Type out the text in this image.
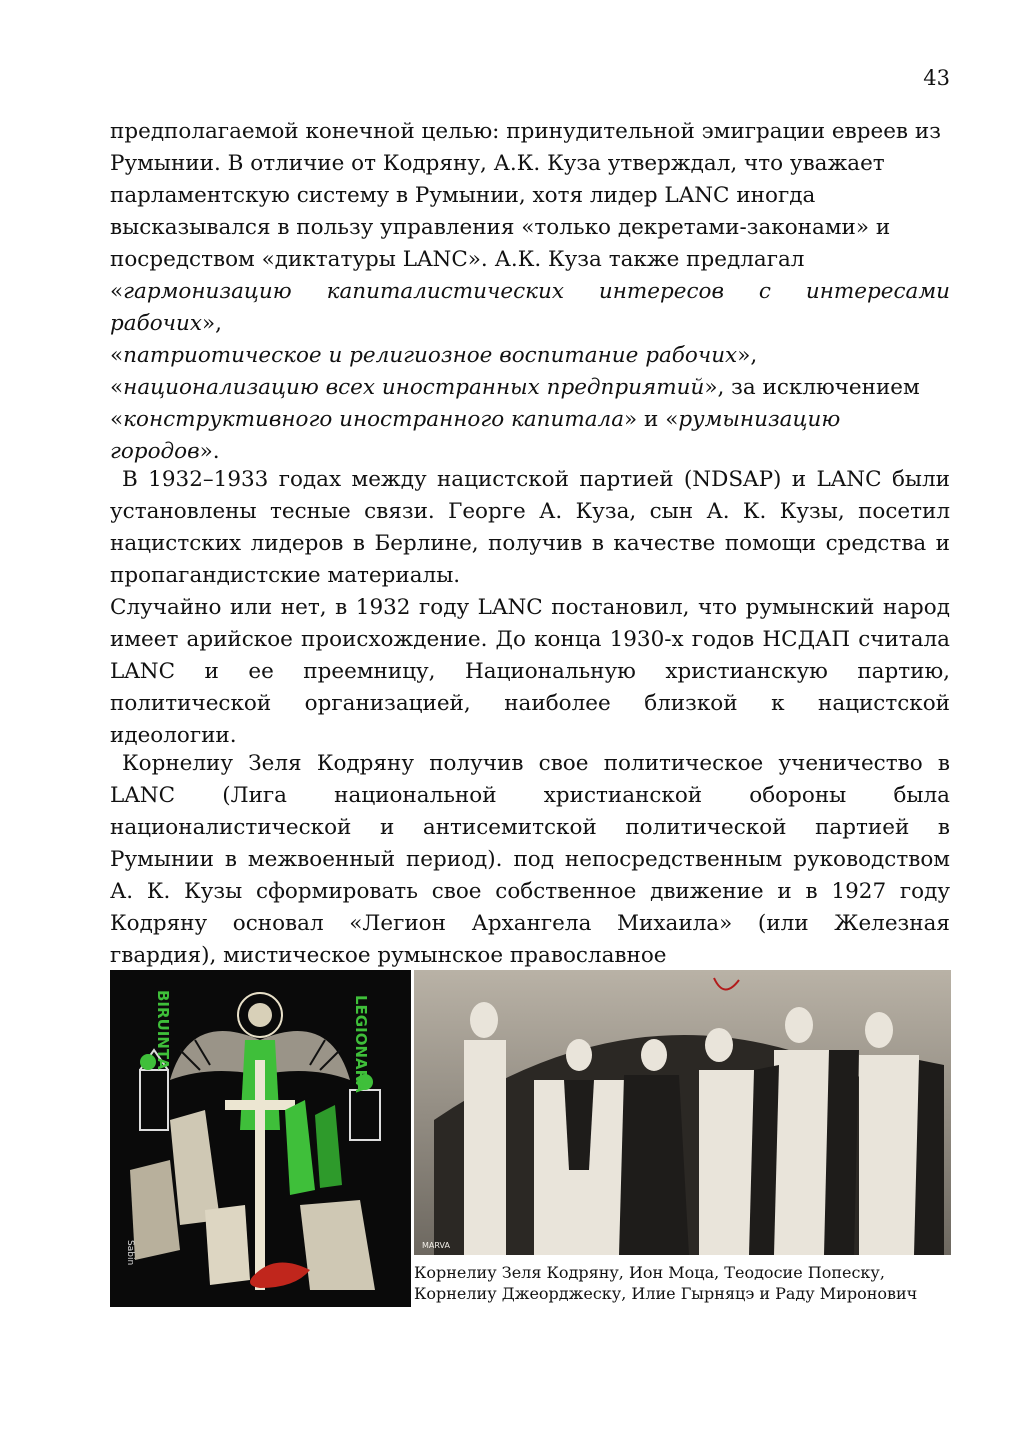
43
предполагаемой конечной целью: принудительной эмиграции евреев из
Румынии. В отличие от Кодряну, А.К. Куза утверждал, что уважает
парламентскую систему в Румынии, хотя лидер LANC иногда
высказывался в пользу управления «только декретами-законами» и
посредством «диктатуры LANC». А.К. Куза также предлагал
«гармонизацию капиталистических интересов с интересами рабочих»,
«патриотическое и религиозное воспитание рабочих»,
«национализацию всех иностранных предприятий», за исключением
«конструктивного иностранного капитала» и «румынизацию
городов».

В 1932–1933 годах между нацистской партией (NDSAP) и LANC были установлены тесные связи. Георге А. Куза, сын А. К. Кузы, посетил нацистских лидеров в Берлине, получив в качестве помощи средства и пропагандистские материалы.

Случайно или нет, в 1932 году LANC постановил, что румынский народ имеет арийское происхождение. До конца 1930-х годов НСДАП считала LANC и ее преемницу, Национальную христианскую партию, политической организацией, наиболее близкой к нацистской идеологии.

Корнелиу Зеля Кодряну получив свое политическое ученичество в LANC (Лига национальной христианской обороны была националистической и антисемитской политической партией в Румынии в межвоенный период). под непосредственным руководством А. К. Кузы сформировать свое собственное движение и в 1927 году Кодряну основал «Легион Архангела Михаила» (или Железная гвардия), мистическое румынское православное

BIRUINTA	LEGIONARA
Sabin	MARVA
Корнелиу Зеля Кодряну, Ион Моца, Теодосие Попеску,
Корнелиу Джеорджеску, Илие Гырняцэ и Раду Миронович
